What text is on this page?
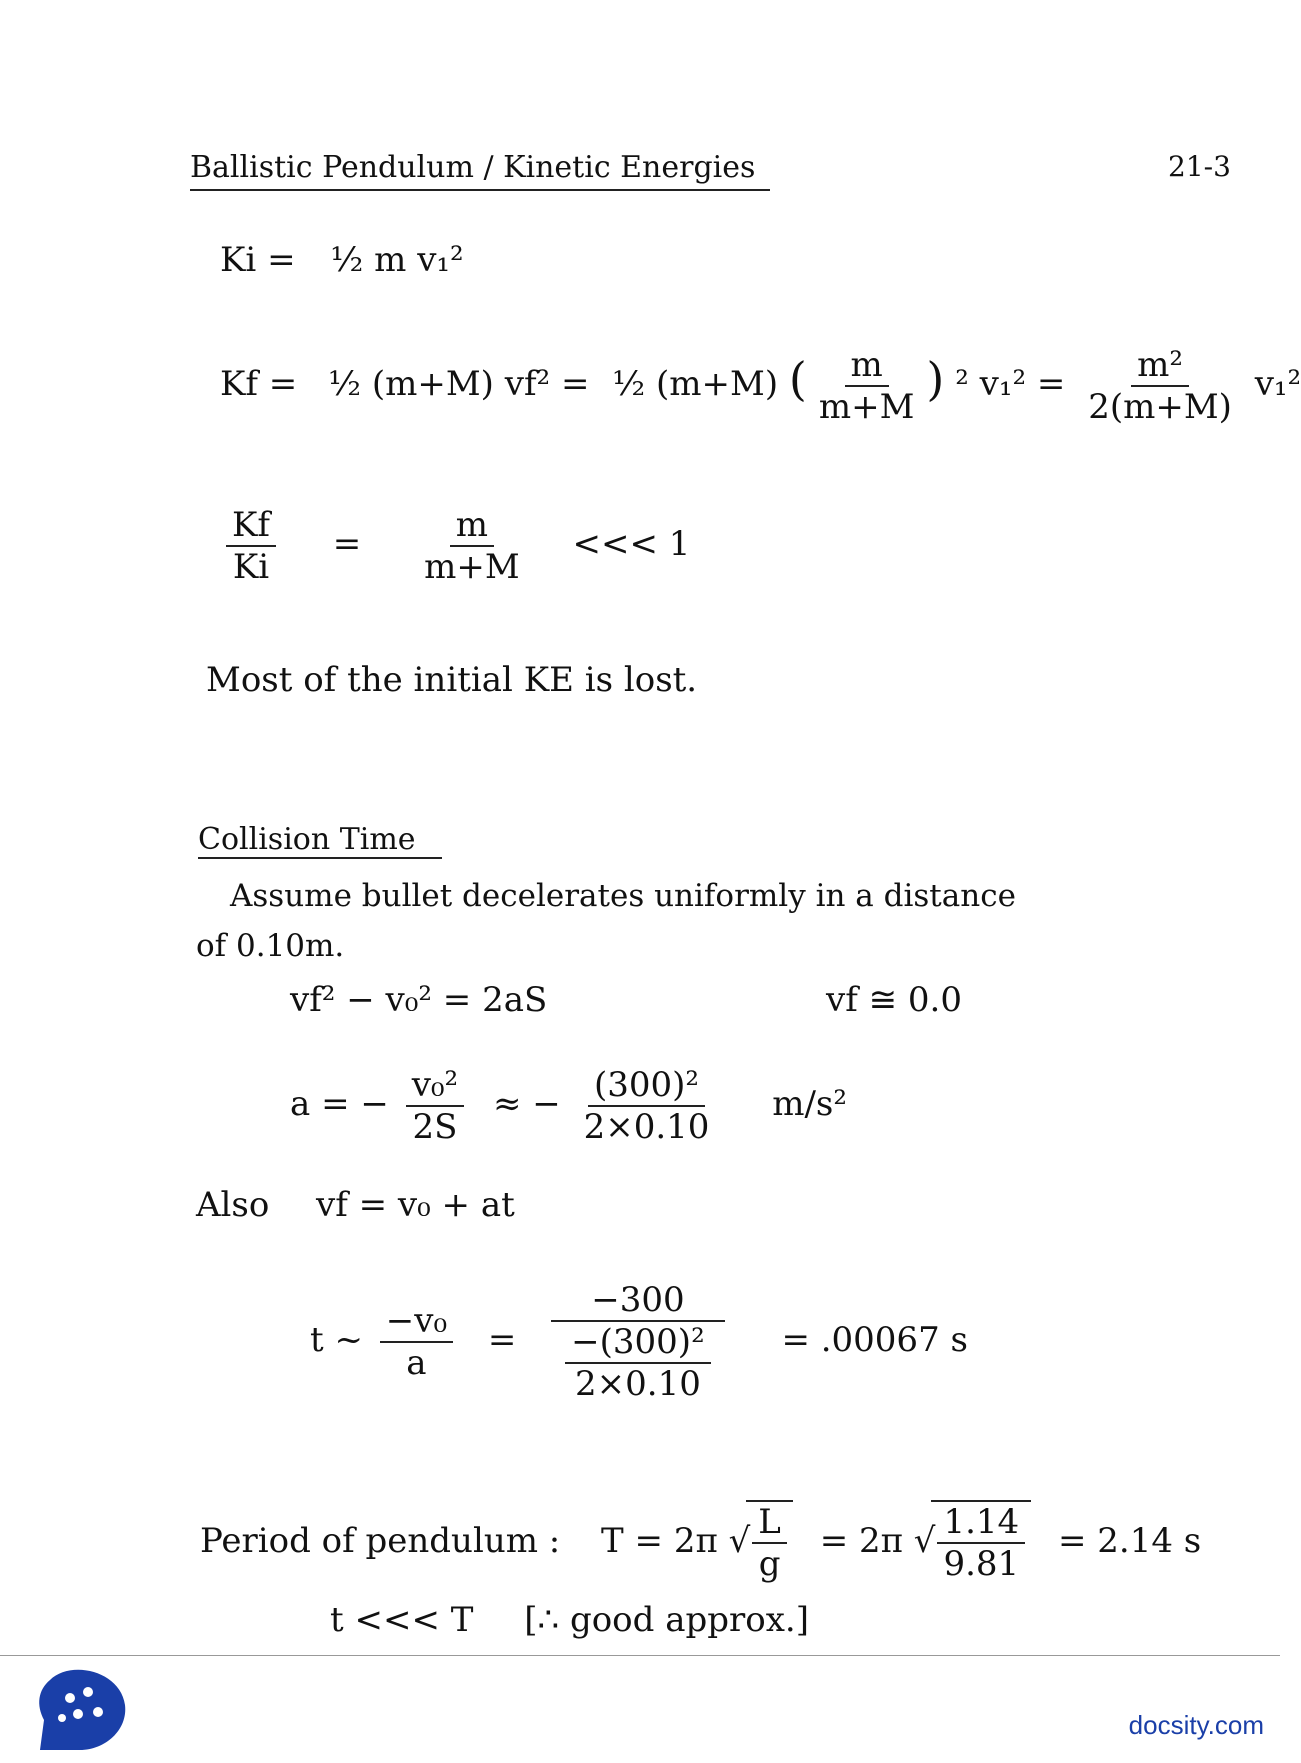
Ballistic Pendulum / Kinetic Energies	21-3
Ki = ½ m v₁²
Kf = ½ (m+M) vf² = ½ (m+M) ( $\frac{m}{m+M}$ ) ² $v_1^2 = \frac{\text{m²}}{2(m+M)} v_1^2$
$\frac{Kf}{Ki} = \frac{m}{m+M}$ <<< 1
Most of the initial KE is lost.
Collision Time
Assume bullet decelerates uniformly in a distance
of 0.10m.
vf² − v₀² = 2aS	vf ≅ 0.0
a = − $\frac{\text{v₀²}}{2S}$ ≈ − $\frac{\text{(300)²}}{2\times 0.10} m/s^2$
Also vf = v₀ + at
t ~ $\frac{\text{−v₀}}{a} = \frac{-300}{\frac{\text{−(300)²}}{2\times 0.10}} = .00067$ s
Period of pendulum : T = 2π √ $\frac{L}{g} = 2\pi$ √ $\frac{1.14}{9.81} = 2.14$ s
t <<< T [∴ good approx.]
docsity.com
